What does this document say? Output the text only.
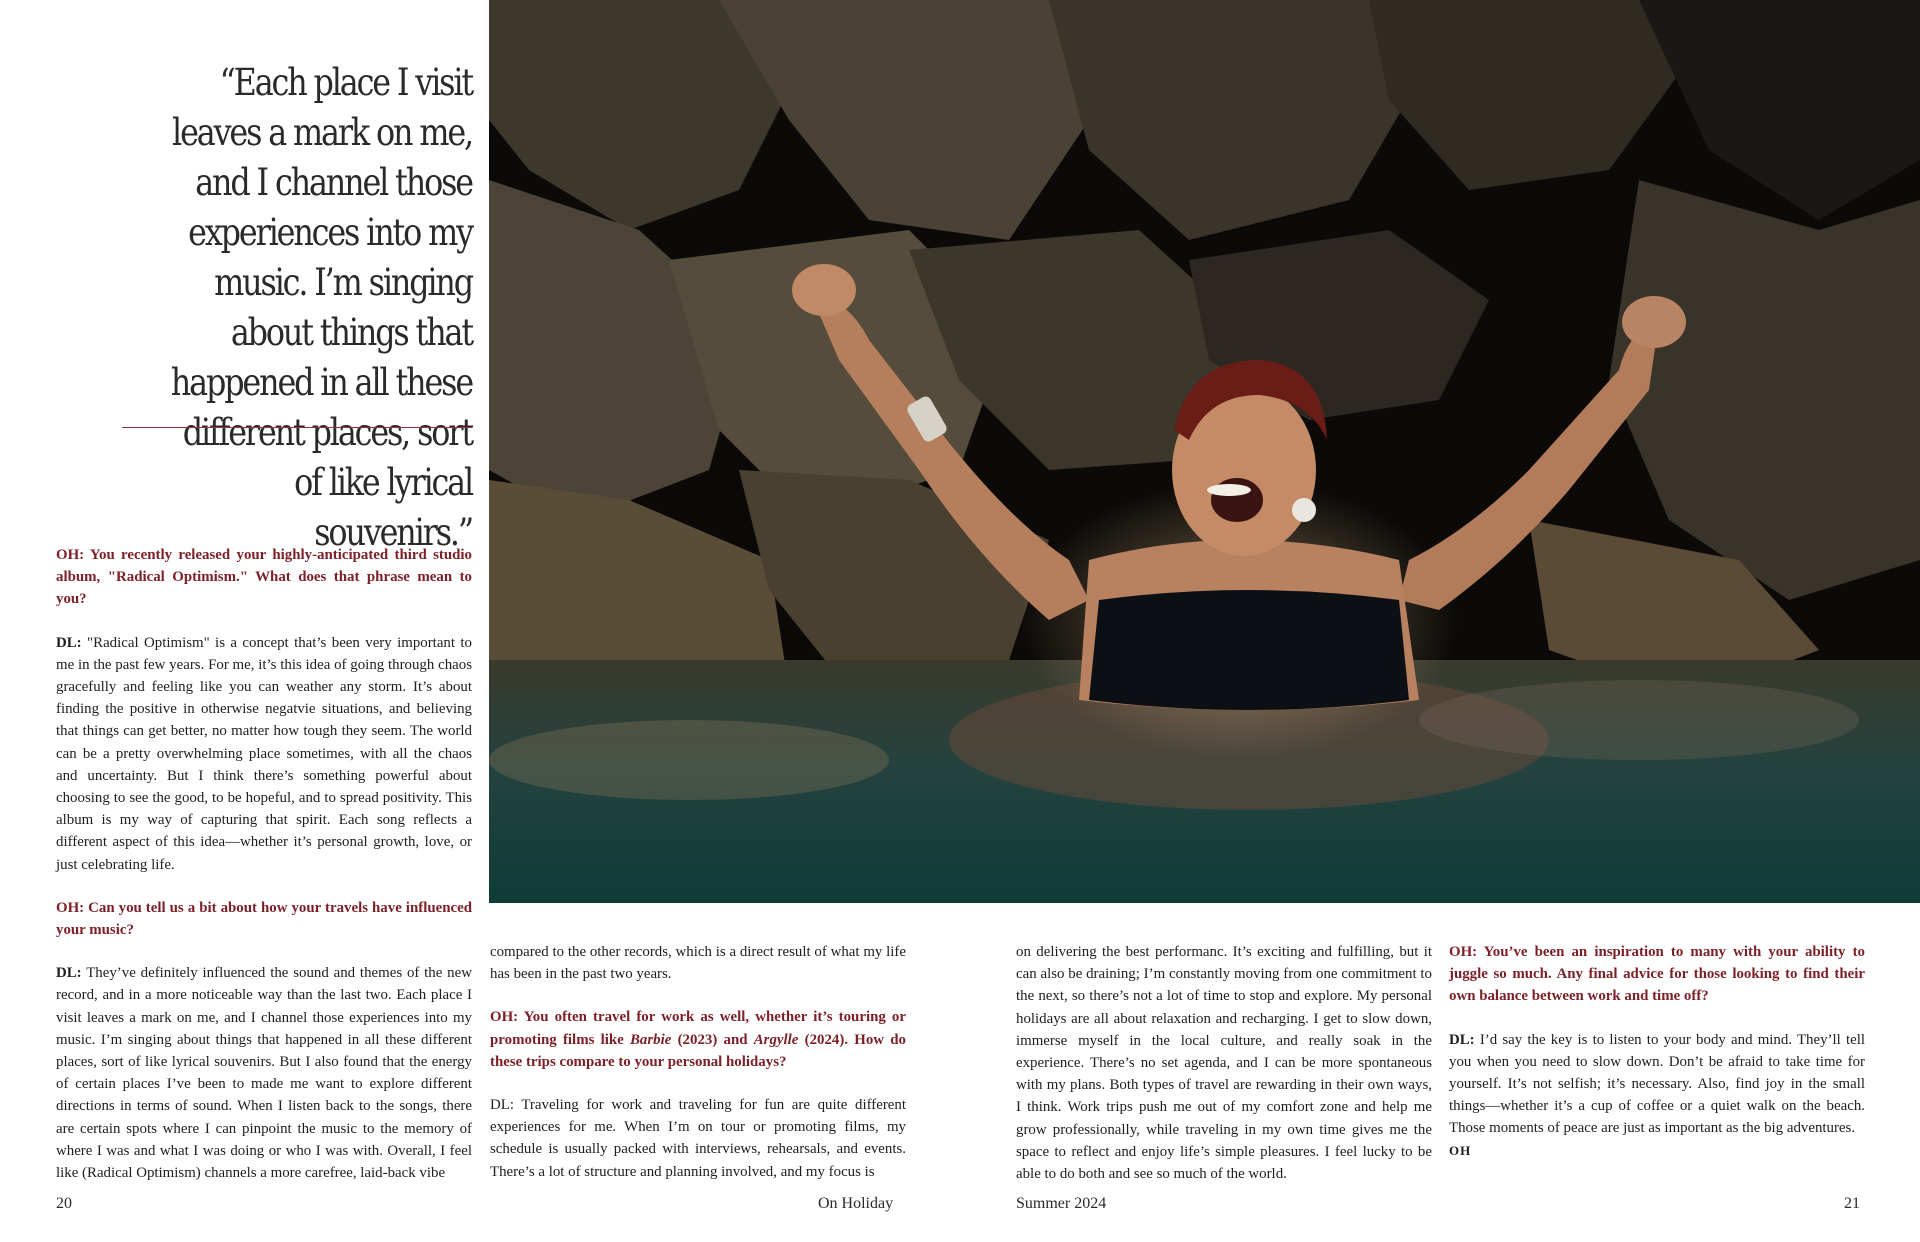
“Each place I visit leaves a mark on me, and I channel those experiences into my music. I’m singing about things that happened in all these different places, sort of like lyrical souvenirs.”

OH: You recently released your highly-anticipated third studio album, "Radical Optimism." What does that phrase mean to you?

DL: "Radical Optimism" is a concept that’s been very important to me in the past few years. For me, it’s this idea of going through chaos gracefully and feeling like you can weather any storm. It’s about finding the positive in otherwise negatvie situations, and believing that things can get better, no matter how tough they seem. The world can be a pretty overwhelming place sometimes, with all the chaos and uncertainty. But I think there’s something powerful about choosing to see the good, to be hopeful, and to spread positivity. This album is my way of capturing that spirit. Each song reflects a different aspect of this idea—whether it’s personal growth, love, or just celebrating life.

OH: Can you tell us a bit about how your travels have influenced your music?

DL: They’ve definitely influenced the sound and themes of the new record, and in a more noticeable way than the last two. Each place I visit leaves a mark on me, and I channel those experiences into my music. I’m singing about things that happened in all these different places, sort of like lyrical souvenirs. But I also found that the energy of certain places I’ve been to made me want to explore different directions in terms of sound. When I listen back to the songs, there are certain spots where I can pinpoint the music to the memory of where I was and what I was doing or who I was with. Overall, I feel like (Radical Optimism) channels a more carefree, laid-back vibe

compared to the other records, which is a direct result of what my life has been in the past two years.

OH: You often travel for work as well, whether it’s touring or promoting films like Barbie (2023) and Argylle (2024). How do these trips compare to your personal holidays?

DL: Traveling for work and traveling for fun are quite different experiences for me. When I’m on tour or promoting films, my schedule is usually packed with interviews, rehearsals, and events. There’s a lot of structure and planning involved, and my focus is

on delivering the best performanc. It’s exciting and fulfilling, but it can also be draining; I’m constantly moving from one commitment to the next, so there’s not a lot of time to stop and explore. My personal holidays are all about relaxation and recharging. I get to slow down, immerse myself in the local culture, and really soak in the experience. There’s no set agenda, and I can be more spontaneous with my plans. Both types of travel are rewarding in their own ways, I think. Work trips push me out of my comfort zone and help me grow professionally, while traveling in my own time gives me the space to reflect and enjoy life’s simple pleasures. I feel lucky to be able to do both and see so much of the world.

OH: You’ve been an inspiration to many with your ability to juggle so much. Any final advice for those looking to find their own balance between work and time off?

DL: I’d say the key is to listen to your body and mind. They’ll tell you when you need to slow down. Don’t be afraid to take time for yourself. It’s not selfish; it’s necessary. Also, find joy in the small things—whether it’s a cup of coffee or a quiet walk on the beach. Those moments of peace are just as important as the big adventures.
OH

20	On Holiday	Summer 2024	21
